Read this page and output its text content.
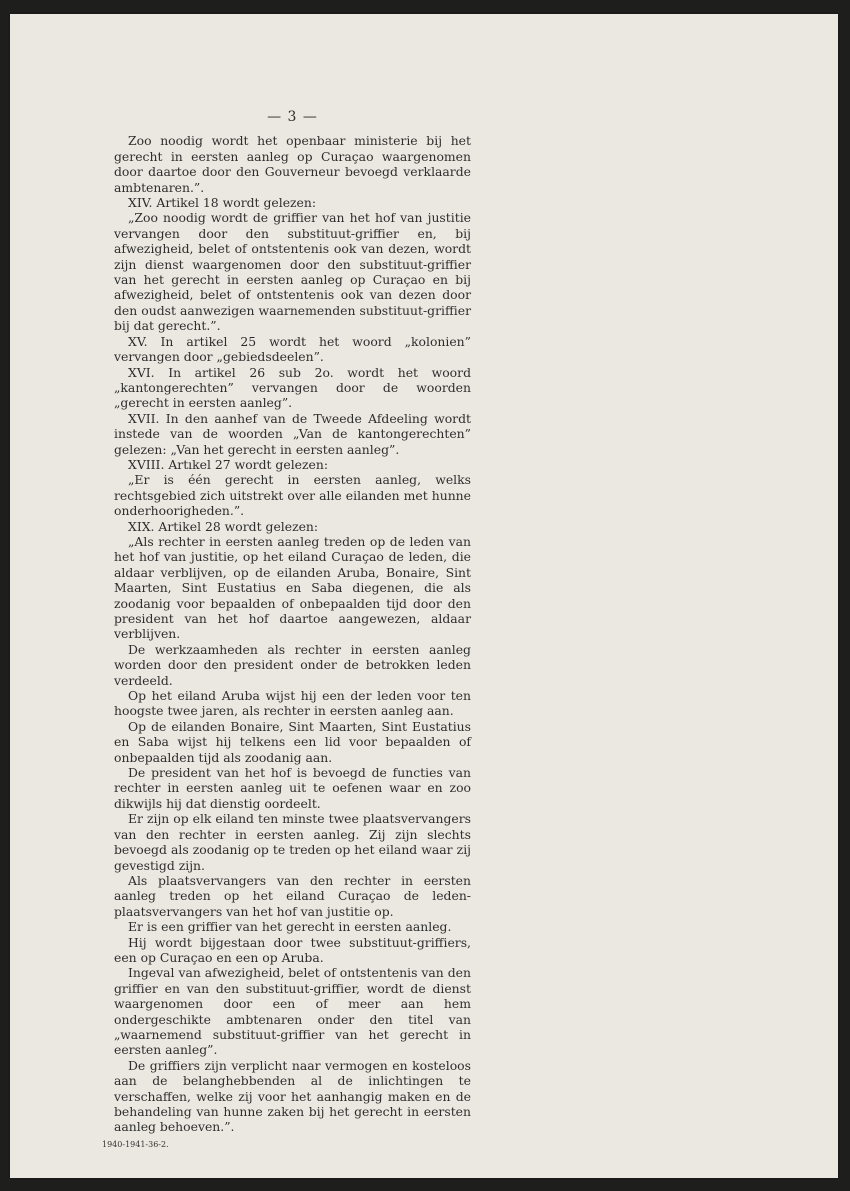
— 3 —

Zoo noodig wordt het openbaar ministerie bij het gerecht in eersten aanleg op Curaçao waargenomen door daartoe door den Gouverneur bevoegd verklaarde ambtenaren.”.

XIV. Artikel 18 wordt gelezen:

„Zoo noodig wordt de griffier van het hof van justitie vervangen door den substituut-griffier en, bij afwezigheid, belet of ontstentenis ook van dezen, wordt zijn dienst waargenomen door den substituut-griffier van het gerecht in eersten aanleg op Curaçao en bij afwezigheid, belet of ontstentenis ook van dezen door den oudst aanwezigen waarnemenden substituut-griffier bij dat gerecht.”.

XV. In artikel 25 wordt het woord „kolonien” vervangen door „gebiedsdeelen”.

XVI. In artikel 26 sub 2o. wordt het woord „kantongerechten” vervangen door de woorden „gerecht in eersten aanleg”.

XVII. In den aanhef van de Tweede Afdeeling wordt instede van de woorden „Van de kantongerechten” gelezen: „Van het gerecht in eersten aanleg”.

XVIII. Artıkel 27 wordt gelezen:

„Er is één gerecht in eersten aanleg, welks rechtsgebied zich uitstrekt over alle eilanden met hunne onderhoorigheden.”.

XIX. Artikel 28 wordt gelezen:

„Als rechter in eersten aanleg treden op de leden van het hof van justitie, op het eiland Curaçao de leden, die aldaar verblijven, op de eilanden Aruba, Bonaire, Sint Maarten, Sint Eustatius en Saba diegenen, die als zoodanig voor bepaalden of onbepaalden tijd door den president van het hof daartoe aangewezen, aldaar verblijven.

De werkzaamheden als rechter in eersten aanleg worden door den president onder de betrokken leden verdeeld.

Op het eiland Aruba wijst hij een der leden voor ten hoogste twee jaren, als rechter in eersten aanleg aan.

Op de eilanden Bonaire, Sint Maarten, Sint Eustatius en Saba wijst hij telkens een lid voor bepaalden of onbepaalden tijd als zoodanig aan.

De president van het hof is bevoegd de functies van rechter in eersten aanleg uit te oefenen waar en zoo dikwijls hij dat dienstig oordeelt.

Er zijn op elk eiland ten minste twee plaatsvervangers van den rechter in eersten aanleg. Zij zijn slechts bevoegd als zoodanig op te treden op het eiland waar zij gevestigd zijn.

Als plaatsvervangers van den rechter in eersten aanleg treden op het eiland Curaçao de leden-plaatsvervangers van het hof van justitie op.

Er is een griffier van het gerecht in eersten aanleg.

Hij wordt bijgestaan door twee substituut-griffiers, een op Curaçao en een op Aruba.

Ingeval van afwezigheid, belet of ontstentenis van den griffier en van den substituut-griffier, wordt de dienst waargenomen door een of meer aan hem ondergeschikte ambtenaren onder den titel van „waarnemend substituut-griffier van het gerecht in eersten aanleg”.

De griffiers zijn verplicht naar vermogen en kosteloos aan de belanghebbenden al de inlichtingen te verschaffen, welke zij voor het aanhangig maken en de behandeling van hunne zaken bij het gerecht in eersten aanleg behoeven.”.

1940-1941-36-2.
